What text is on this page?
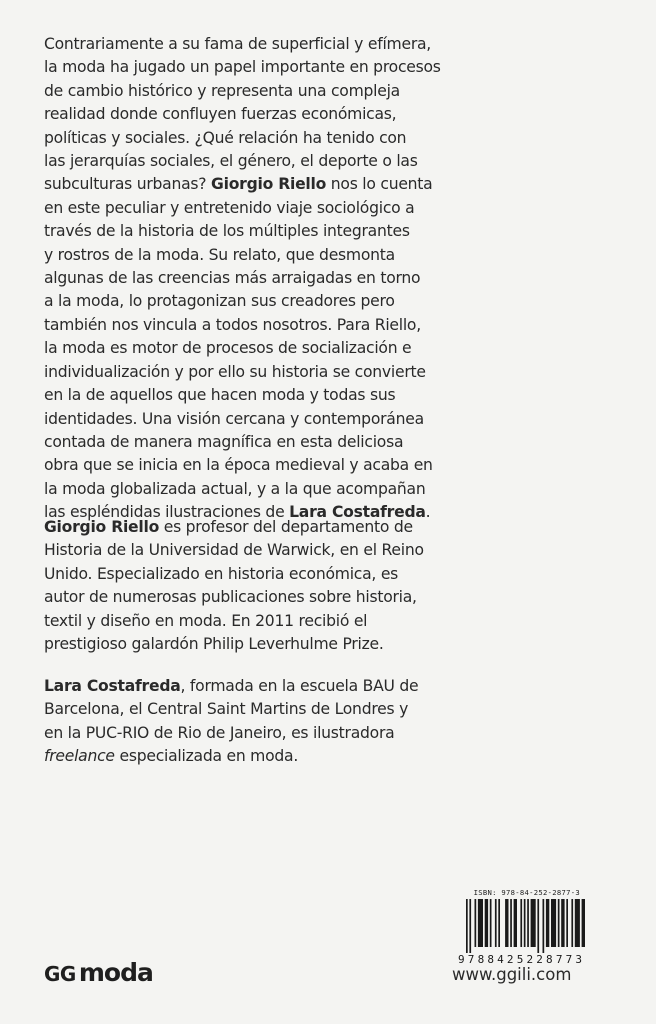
Contrariamente a su fama de superficial y efímera,
la moda ha jugado un papel importante en procesos
de cambio histórico y representa una compleja
realidad donde confluyen fuerzas económicas,
políticas y sociales. ¿Qué relación ha tenido con
las jerarquías sociales, el género, el deporte o las
subculturas urbanas? Giorgio Riello nos lo cuenta
en este peculiar y entretenido viaje sociológico a
través de la historia de los múltiples integrantes
y rostros de la moda. Su relato, que desmonta
algunas de las creencias más arraigadas en torno
a la moda, lo protagonizan sus creadores pero
también nos vincula a todos nosotros. Para Riello,
la moda es motor de procesos de socialización e
individualización y por ello su historia se convierte
en la de aquellos que hacen moda y todas sus
identidades. Una visión cercana y contemporánea
contada de manera magnífica en esta deliciosa
obra que se inicia en la época medieval y acaba en
la moda globalizada actual, y a la que acompañan
las espléndidas ilustraciones de Lara Costafreda.

Giorgio Riello es profesor del departamento de
Historia de la Universidad de Warwick, en el Reino
Unido. Especializado en historia económica, es
autor de numerosas publicaciones sobre historia,
textil y diseño en moda. En 2011 recibió el
prestigioso galardón Philip Leverhulme Prize.

Lara Costafreda, formada en la escuela BAU de
Barcelona, el Central Saint Martins de Londres y
en la PUC-RIO de Rio de Janeiro, es ilustradora
freelance especializada en moda.

ISBN: 978-84-252-2877-3
9788425228773
GG moda	www.ggili.com
